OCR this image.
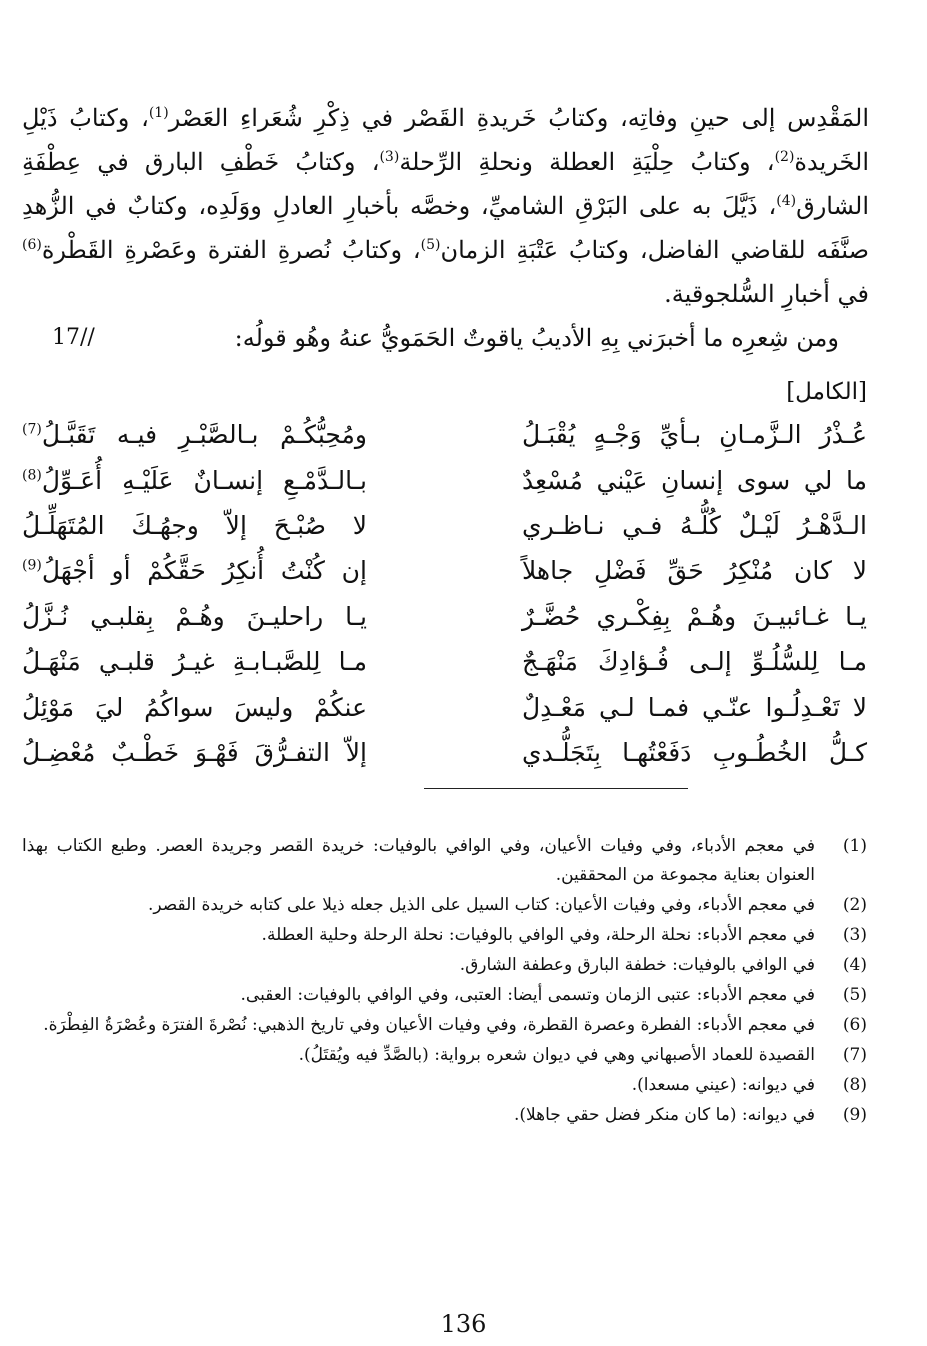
المَقْدِس إلى حينِ وفاتِه، وكتابُ خَريدةِ القَصْر في ذِكْرِ شُعَراءِ العَصْر$^{(1)}$، وكتابُ ذَيْلِ الخَريدة$^{(2)}$، وكتابُ حِلْيَةِ العطلة ونحلةِ الرِّحلة$^{(3)}$، وكتابُ خَطْفِ البارق في عِطْفَةِ الشارق$^{(4)}$، ذَيَّلَ به على البَرْقِ الشاميِّ، وخصَّه بأخبارِ العادلِ ووَلَدِه، وكتابٌ في الزُّهدِ صنَّفَه للقاضي الفاضل، وكتابُ عَتْبَةِ الزمان$^{(5)}$، وكتابُ نُصرةِ الفترة وعَصْرةِ القَطْرة$^{(6)}$ في أخبارِ السُّلجوقية.

17//	ومن شِعرِه ما أخبرَني بِهِ الأديبُ ياقوتٌ الحَمَويُّ عنهُ وهُو قولُه:

[الكامل]
عُـذْرُ الـزَّمـانِ بـأيِّ وَجْـهٍ يُقْبَـلُ
ومُحِبُّكُـمْ بـالصَّبْـرِ فيـه تَقَبَّـلُ$^{(7)}$
ما لي سوى إنسانِ عَيْني مُسْعِدٌ
بـالـدَّمْـعِ إنسـانٌ عَلَيْـهِ أُعَـوِّلُ$^{(8)}$
الـدَّهْـرُ لَيْـلٌ كُلُّـهُ فـي نـاظـري
لا صُبْـحَ إلاّ وجهُـكَ المُتَهَلِّـلُ
لا كان مُنْكِرُ حَقِّ فَضْلِ جاهلاً
إن كُنْتُ أُنكِرُ حَقَّكُمْ أو أجْهَلُ$^{(9)}$
يـا غـائبيـنَ وهُـمْ بِفِكْـري حُضَّـرٌ
يـا راحليـنَ وهُـمْ بِقلبـي نُـزَّلُ
مـا لِلسُّلُـوِّ إلـى فُـؤادِكَ مَنْهَـجٌ
مـا لِلصَّبـابـةِ غيـرُ قلبـي مَنْهَـلُ
لا تَعْـدِلُـوا عنّـي فمـا لـي مَعْـدِلٌ
عنكُمْ وليسَ سواكُمُ ليَ مَوْئِلُ
كـلُّ الخُطُـوبِ دَفَعْتُهـا بِتَجَلُّـدي
إلاّ التفـرُّقَ فَهْـوَ خَطْـبٌ مُعْضِـلُ
(1)
في معجم الأدباء، وفي وفيات الأعيان، وفي الوافي بالوفيات: خريدة القصر وجريدة العصر. وطبع الكتاب بهذا العنوان بعناية مجموعة من المحققين.
(2)
في معجم الأدباء، وفي وفيات الأعيان: كتاب السيل على الذيل جعله ذيلا على كتابه خريدة القصر.
(3)
في معجم الأدباء: نحلة الرحلة، وفي الوافي بالوفيات: نحلة الرحلة وحلية العطلة.
(4)
في الوافي بالوفيات: خطفة البارق وعطفة الشارق.
(5)
في معجم الأدباء: عتبى الزمان وتسمى أيضا: العتبى، وفي الوافي بالوفيات: العقبى.
(6)
في معجم الأدباء: الفطرة وعصرة القطرة، وفي وفيات الأعيان وفي تاريخ الذهبي: نُصْرةَ الفترَة وعُصْرَةُ الفِطْرَة.
(7)
القصيدة للعماد الأصبهاني وهي في ديوان شعره برواية: (بالصَّدِّ فيه ويُقتَلُ).
(8)
في ديوانه: (عيني مسعدا).
(9)
في ديوانه: (ما كان منكر فضل حقي جاهلا).
136
